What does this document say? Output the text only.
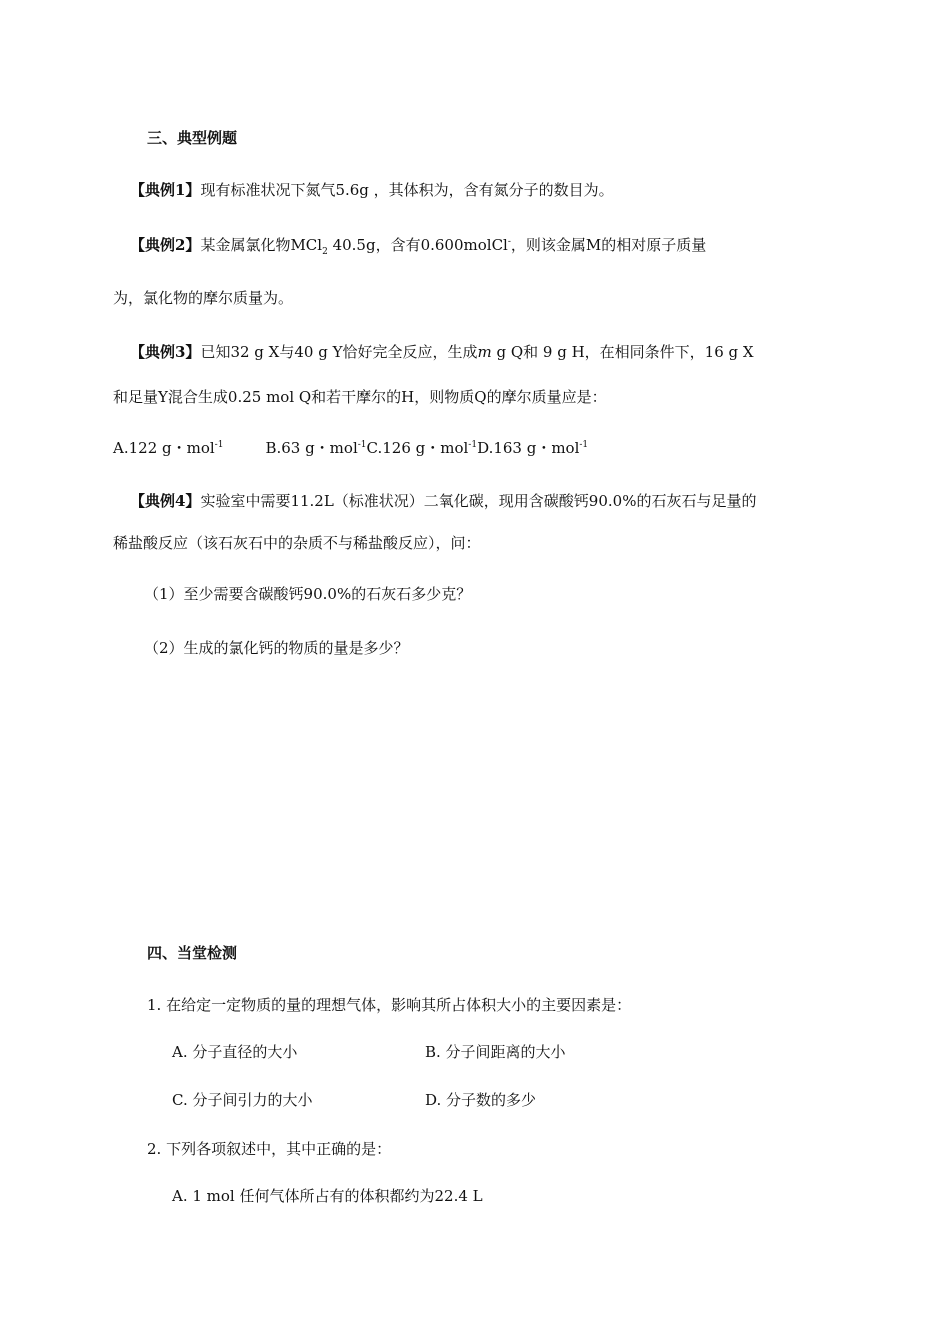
三、典型例题
【典例1】现有标准状况下氮气5.6g ，其体积为，含有氮分子的数目为。
【典例2】某金属氯化物MCl$_2$ 40.5g，含有0.600molCl-，则该金属M的相对原子质量
为，氯化物的摩尔质量为。
【典例3】已知32 g X与40 g Y恰好完全反应，生成m g Q和 9 g H，在相同条件下，16 g X
和足量Y混合生成0.25 mol Q和若干摩尔的H，则物质Q的摩尔质量应是：
A.122 g・mol$^{-1}$	B.63 g・mol$^{-1}$C.126 g・mol$^{-1}$D.163 g・mol$^{-1}$
【典例4】实验室中需要11.2L（标准状况）二氧化碳，现用含碳酸钙90.0%的石灰石与足量的
稀盐酸反应（该石灰石中的杂质不与稀盐酸反应），问：
（1）至少需要含碳酸钙90.0%的石灰石多少克？
（2）生成的氯化钙的物质的量是多少？
四、当堂检测
1. 在给定一定物质的量的理想气体，影响其所占体积大小的主要因素是：
A. 分子直径的大小	B. 分子间距离的大小
C. 分子间引力的大小	D. 分子数的多少
2. 下列各项叙述中，其中正确的是：
A. 1 mol 任何气体所占有的体积都约为22.4 L
